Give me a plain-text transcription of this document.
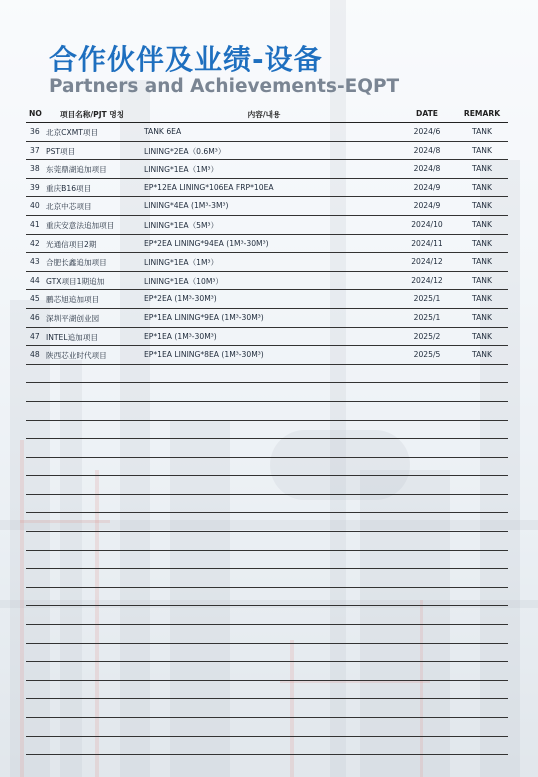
合作伙伴及业绩-设备
Partners and Achievements-EQPT
NO	项目名称/PJT 명칭	内容/내용	DATE	REMARK
36 北京CXMT项目	TANK 6EA	2024/6	TANK
37 PST项目	LINING*2EA（0.6M³）	2024/8	TANK
38 东莞鼎湖追加项目	LINING*1EA（1M³）	2024/8	TANK
39 重庆B16项目	EP*12EA LINING*106EA FRP*10EA	2024/9	TANK
40 北京中芯项目	LINING*4EA (1M³-3M³)	2024/9	TANK
41 重庆安意法追加项目	LINING*1EA（5M³）	2024/10	TANK
42 光通信项目2期	EP*2EA LINING*94EA (1M³-30M³)	2024/11	TANK
43 合肥长鑫追加项目	LINING*1EA（1M³）	2024/12	TANK
44 GTX项目1期追加	LINING*1EA（10M³）	2024/12	TANK
45 鹏芯旭追加项目	EP*2EA (1M³-30M³)	2025/1	TANK
46 深圳平湖创业园	EP*1EA LINING*9EA (1M³-30M³)	2025/1	TANK
47 INTEL追加项目	EP*1EA (1M³-30M³)	2025/2	TANK
48 陕西芯业时代项目	EP*1EA LINING*8EA (1M³-30M³)	2025/5	TANK
